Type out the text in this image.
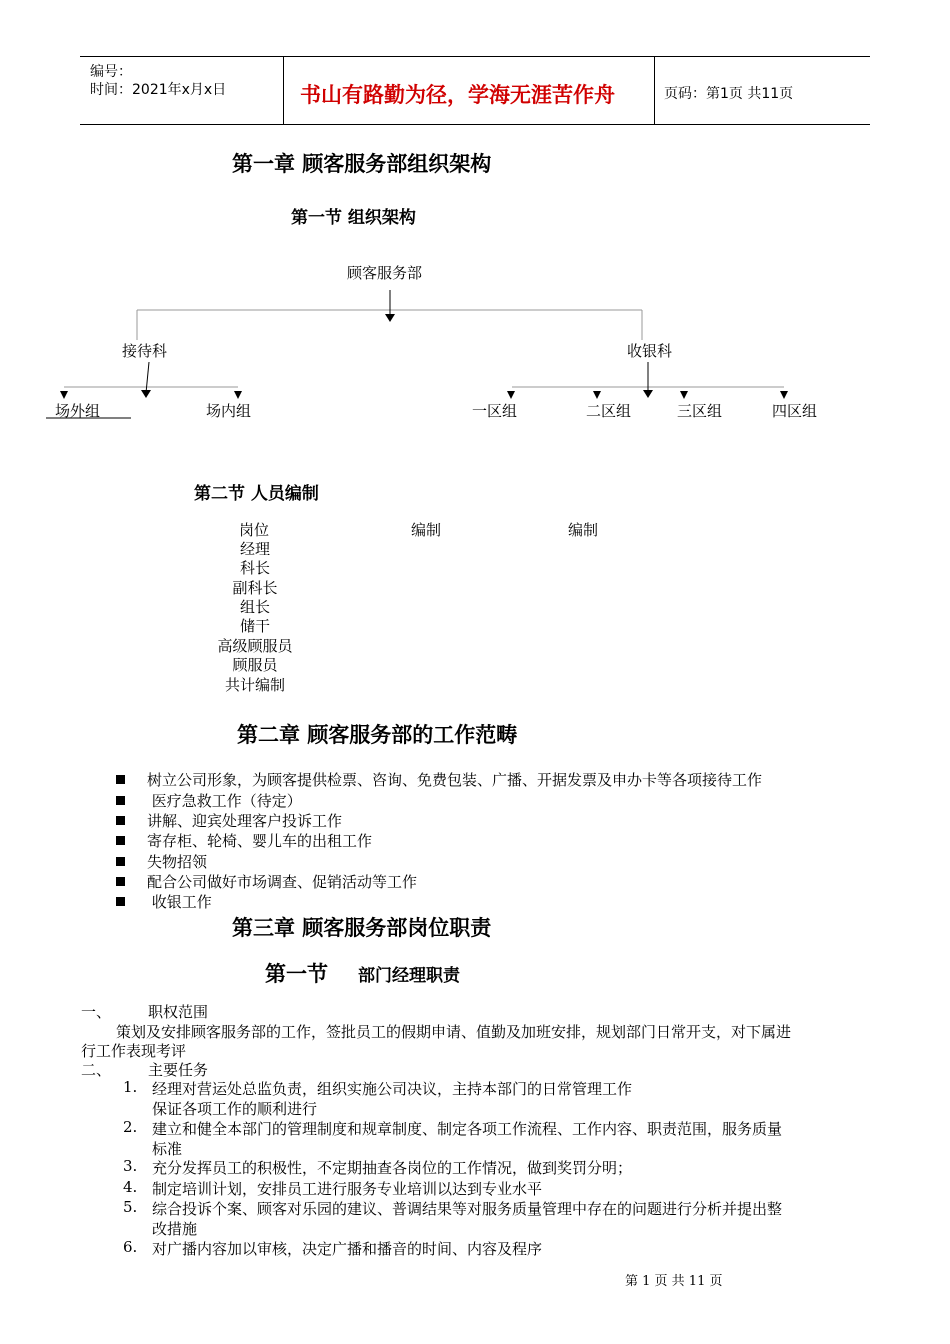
编号：
时间：2021年x月x日	书山有路勤为径，学海无涯苦作舟	页码：第1页 共11页
第一章 顾客服务部组织架构
第一节 组织架构
顾客服务部
接待科	收银科
场外组	场内组	一区组	二区组	三区组	四区组
第二节 人员编制
岗位	编制	编制
经理
科长
副科长
组长
储干
高级顾服员
顾服员
共计编制
第二章 顾客服务部的工作范畴
树立公司形象，为顾客提供检票、咨询、免费包装、广播、开据发票及申办卡等各项接待工作
医疗急救工作（待定）
讲解、迎宾处理客户投诉工作
寄存柜、轮椅、婴儿车的出租工作
失物招领
配合公司做好市场调查、促销活动等工作
收银工作
第三章 顾客服务部岗位职责
第一节 部门经理职责
一、 职权范围
策划及安排顾客服务部的工作，签批员工的假期申请、值勤及加班安排，规划部门日常开支，对下属进
行工作表现考评
二、 主要任务
1. 经理对营运处总监负责，组织实施公司决议，主持本部门的日常管理工作
保证各项工作的顺利进行
2. 建立和健全本部门的管理制度和规章制度、制定各项工作流程、工作内容、职责范围，服务质量
标准
3. 充分发挥员工的积极性，不定期抽查各岗位的工作情况，做到奖罚分明；
4. 制定培训计划，安排员工进行服务专业培训以达到专业水平
5. 综合投诉个案、顾客对乐园的建议、普调结果等对服务质量管理中存在的问题进行分析并提出整
改措施
6. 对广播内容加以审核，决定广播和播音的时间、内容及程序
第 1 页 共 11 页
